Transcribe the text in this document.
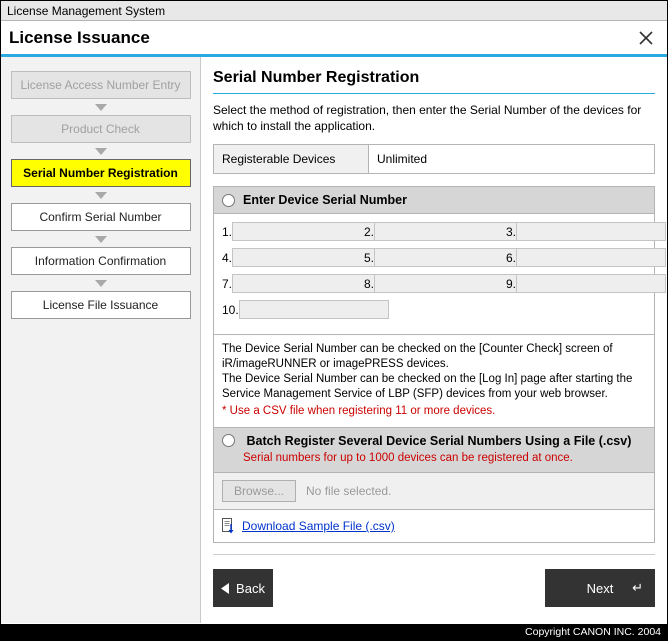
License Management System
License Issuance
License Access Number Entry
Product Check
Serial Number Registration
Confirm Serial Number
Information Confirmation
License File Issuance
Serial Number Registration
Select the method of registration, then enter the Serial Number of the devices for which to install the application.
Registerable Devices	Unlimited
Enter Device Serial Number
1.	2.	3.
4.	5.	6.
7.	8.	9.
10.
The Device Serial Number can be checked on the [Counter Check] screen of iR/imageRUNNER or imagePRESS devices.
The Device Serial Number can be checked on the [Log In] page after starting the Service Management Service of LBP (SFP) devices from your web browser.
* Use a CSV file when registering 11 or more devices.
Batch Register Several Device Serial Numbers Using a File (.csv)
Serial numbers for up to 1000 devices can be registered at once.
Browse...	No file selected.
Download Sample File (.csv)
Back	Next ↵
Copyright CANON INC. 2004
